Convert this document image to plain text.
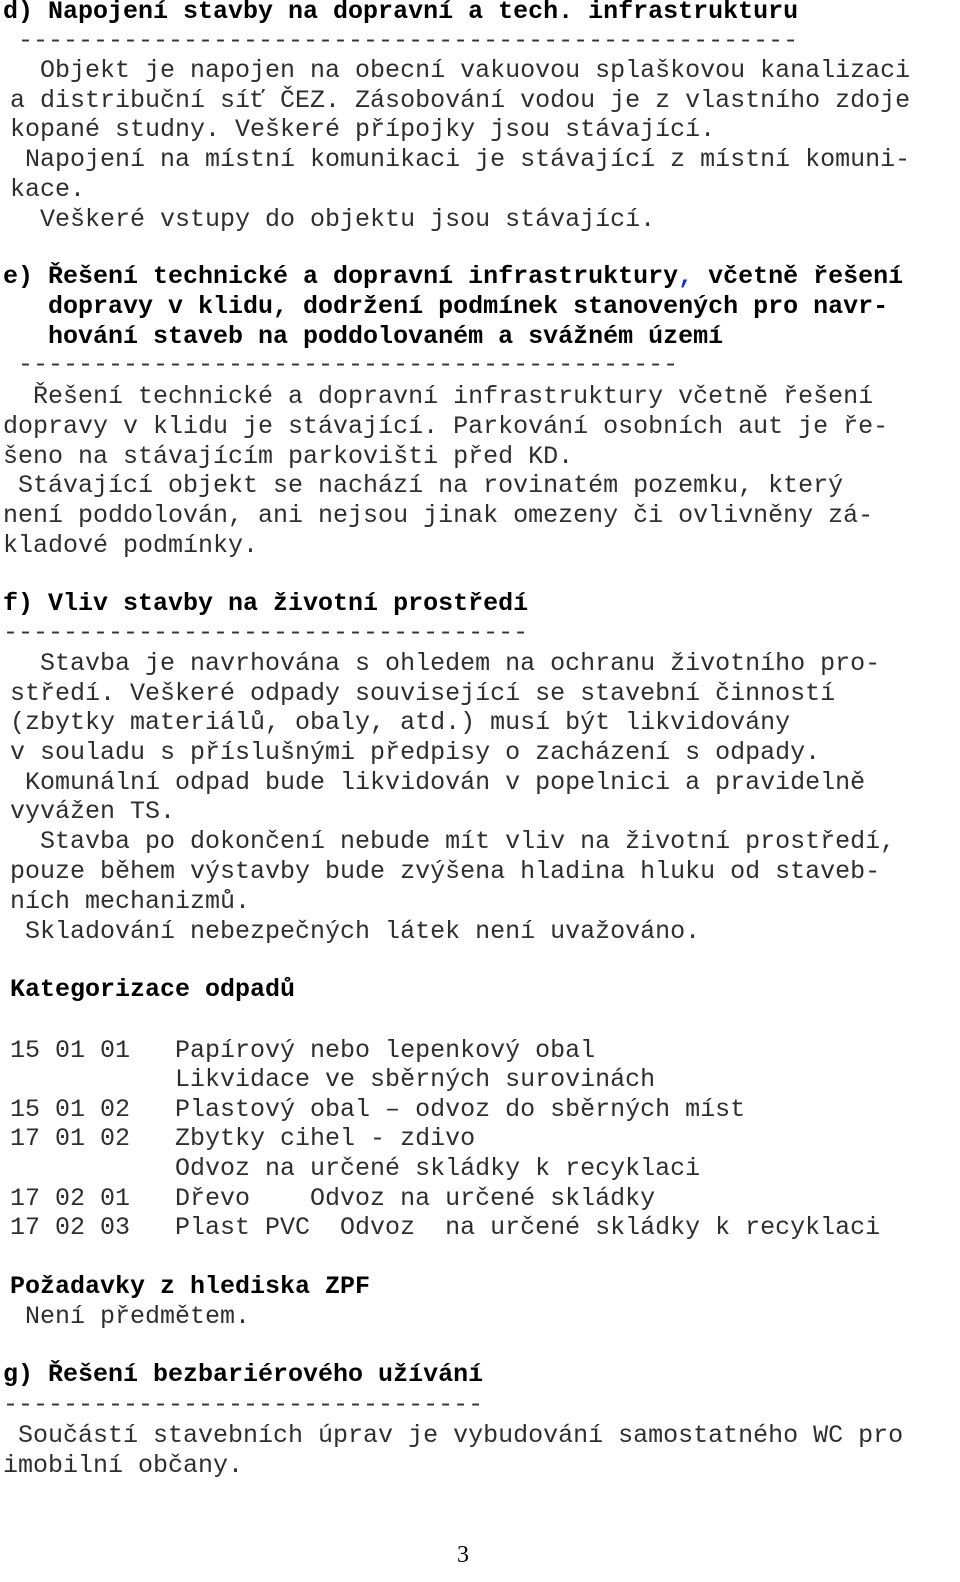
d) Napojení stavby na dopravní a tech. infrastrukturu
----------------------------------------------------
Objekt je napojen na obecní vakuovou splaškovou kanalizaci
a distribuční síť ČEZ. Zásobování vodou je z vlastního zdoje
kopané studny. Veškeré přípojky jsou stávající.
Napojení na místní komunikaci je stávající z místní komuni-
kace.
Veškeré vstupy do objektu jsou stávající.
e) Řešení technické a dopravní infrastruktury, včetně řešení
dopravy v klidu, dodržení podmínek stanovených pro navr-
hování staveb na poddolovaném a svážném území
--------------------------------------------
Řešení technické a dopravní infrastruktury včetně řešení
dopravy v klidu je stávající. Parkování osobních aut je ře-
šeno na stávajícím parkovišti před KD.
Stávající objekt se nachází na rovinatém pozemku, který
není poddolován, ani nejsou jinak omezeny či ovlivněny zá-
kladové podmínky.
f) Vliv stavby na životní prostředí
-----------------------------------
Stavba je navrhována s ohledem na ochranu životního pro-
středí. Veškeré odpady související se stavební činností
(zbytky materiálů, obaly, atd.) musí být likvidovány
v souladu s příslušnými předpisy o zacházení s odpady.
Komunální odpad bude likvidován v popelnici a pravidelně
vyvážen TS.
Stavba po dokončení nebude mít vliv na životní prostředí,
pouze během výstavby bude zvýšena hladina hluku od staveb-
ních mechanizmů.
Skladování nebezpečných látek není uvažováno.
Kategorizace odpadů
15 01 01   Papírový nebo lepenkový obal
Likvidace ve sběrných surovinách
15 01 02   Plastový obal – odvoz do sběrných míst
17 01 02   Zbytky cihel - zdivo
Odvoz na určené skládky k recyklaci
17 02 01   Dřevo    Odvoz na určené skládky
17 02 03   Plast PVC  Odvoz  na určené skládky k recyklaci
Požadavky z hlediska ZPF
Není předmětem.
g) Řešení bezbariérového užívání
--------------------------------
Součástí stavebních úprav je vybudování samostatného WC pro
imobilní občany.
3
